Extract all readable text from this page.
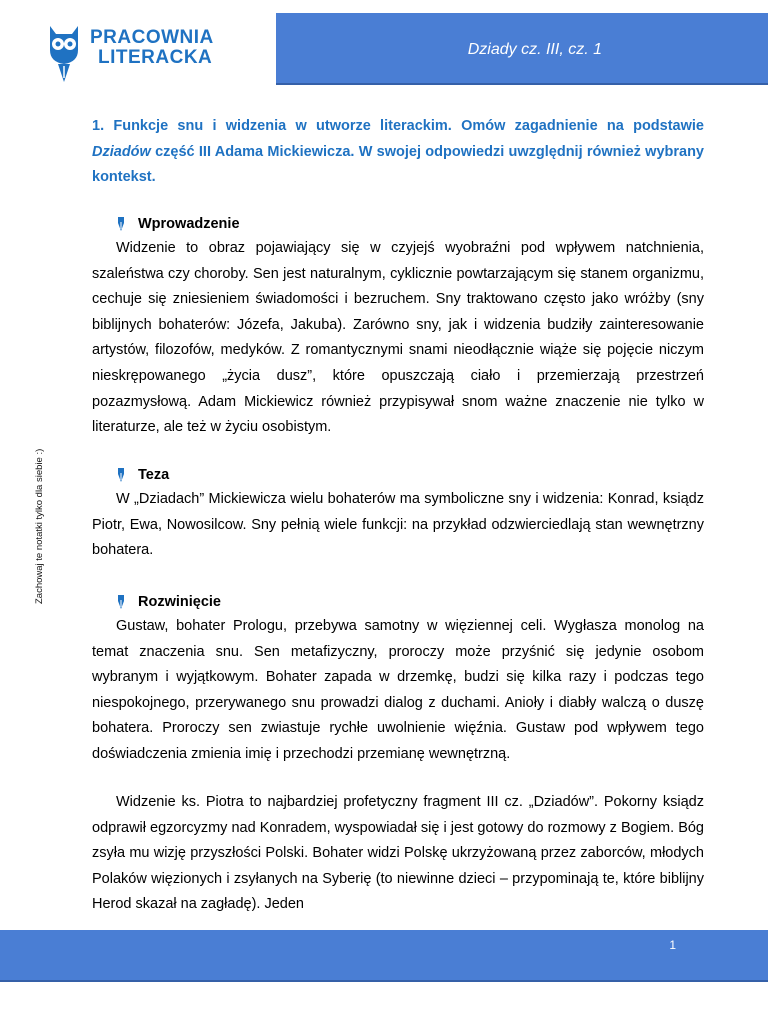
PRACOWNIA
LITERACKA	Dziady cz. III, cz. 1
1. Funkcje snu i widzenia w utworze literackim. Omów zagadnienie na podstawie Dziadów część III Adama Mickiewicza. W swojej odpowiedzi uwzględnij również wybrany kontekst.
Wprowadzenie
Widzenie to obraz pojawiający się w czyjejś wyobraźni pod wpływem natchnienia, szaleństwa czy choroby. Sen jest naturalnym, cyklicznie powtarzającym się stanem organizmu, cechuje się zniesieniem świadomości i bezruchem. Sny traktowano często jako wróżby (sny biblijnych bohaterów: Józefa, Jakuba). Zarówno sny, jak i widzenia budziły zainteresowanie artystów, filozofów, medyków. Z romantycznymi snami nieodłącznie wiąże się pojęcie niczym nieskrępowanego „życia dusz”, które opuszczają ciało i przemierzają przestrzeń pozazmysłową. Adam Mickiewicz również przypisywał snom ważne znaczenie nie tylko w literaturze, ale też w życiu osobistym.
Teza
W „Dziadach” Mickiewicza wielu bohaterów ma symboliczne sny i widzenia: Konrad, ksiądz Piotr, Ewa, Nowosilcow. Sny pełnią wiele funkcji: na przykład odzwierciedlają stan wewnętrzny bohatera.
Rozwinięcie
Gustaw, bohater Prologu, przebywa samotny w więziennej celi. Wygłasza monolog na temat znaczenia snu. Sen metafizyczny, proroczy może przyśnić się jedynie osobom wybranym i wyjątkowym. Bohater zapada w drzemkę, budzi się kilka razy i podczas tego niespokojnego, przerywanego snu prowadzi dialog z duchami. Anioły i diabły walczą o duszę bohatera. Proroczy sen zwiastuje rychłe uwolnienie więźnia. Gustaw pod wpływem tego doświadczenia zmienia imię i przechodzi przemianę wewnętrzną.
Widzenie ks. Piotra to najbardziej profetyczny fragment III cz. „Dziadów”. Pokorny ksiądz odprawił egzorcyzmy nad Konradem, wyspowiadał się i jest gotowy do rozmowy z Bogiem. Bóg zsyła mu wizję przyszłości Polski. Bohater widzi Polskę ukrzyżowaną przez zaborców, młodych Polaków więzionych i zsyłanych na Syberię (to niewinne dzieci – przypominają te, które biblijny Herod skazał na zagładę). Jeden
Zachowaj te notatki tylko dla siebie :)
1
